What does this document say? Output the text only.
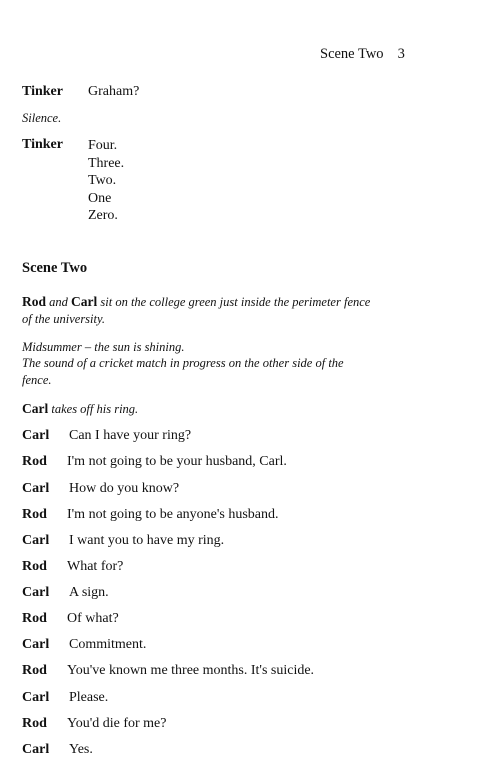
Scene Two 3
Tinker Graham?
Silence.
Tinker Four.
Three.
Two.
One
Zero.
Scene Two
Rod and Carl sit on the college green just inside the perimeter fence
of the university.
Midsummer – the sun is shining.
The sound of a cricket match in progress on the other side of the
fence.
Carl takes off his ring.
Carl Can I have your ring?
Rod I'm not going to be your husband, Carl.
Carl How do you know?
Rod I'm not going to be anyone's husband.
Carl I want you to have my ring.
Rod What for?
Carl A sign.
Rod Of what?
Carl Commitment.
Rod You've known me three months. It's suicide.
Carl Please.
Rod You'd die for me?
Carl Yes.
